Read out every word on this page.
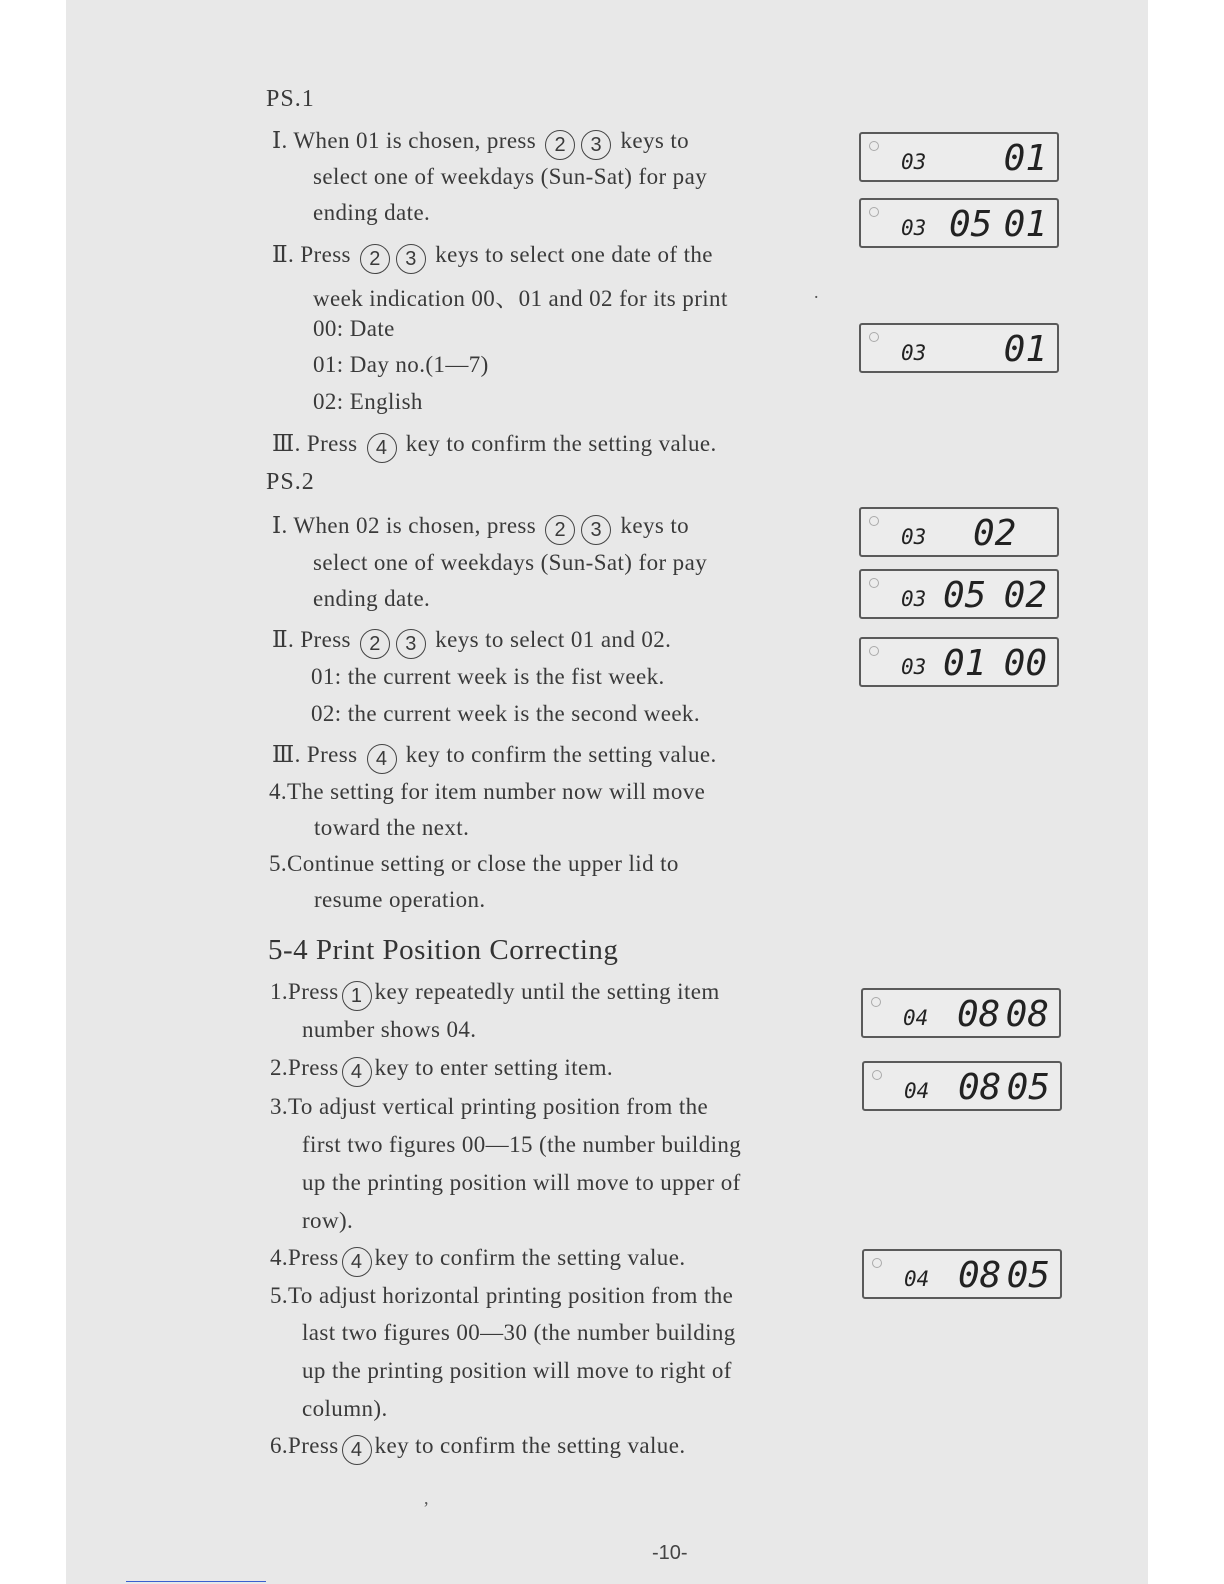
PS.1
Ⅰ. When 01 is chosen, press 2 3 keys to
select one of weekdays (Sun-Sat) for pay
ending date.
Ⅱ. Press 2 3 keys to select one date of the
week indication 00、01 and 02 for its print
00: Date
01: Day no.(1—7)
02: English
Ⅲ. Press 4 key to confirm the setting value.
PS.2
Ⅰ. When 02 is chosen, press 2 3 keys to
select one of weekdays (Sun-Sat) for pay
ending date.
Ⅱ. Press 2 3 keys to select 01 and 02.
01: the current week is the fist week.
02: the current week is the second week.
Ⅲ. Press 4 key to confirm the setting value.
4.The setting for item number now will move
toward the next.
5.Continue setting or close the upper lid to
resume operation.
5-4 Print Position Correcting
1.Press 1 key repeatedly until the setting item
number shows 04.
2.Press 4 key to enter setting item.
3.To adjust vertical printing position from the
first two figures 00—15 (the number building
up the printing position will move to upper of
row).
4.Press 4 key to confirm the setting value.
5.To adjust horizontal printing position from the
last two figures 00—30 (the number building
up the printing position will move to right of
column).
6.Press 4 key to confirm the setting value.
03 01
03 05 01
03 01
03 02
03 05 02
03 01 00
04 08 08
04 08 05
04 08 05
.
,
-10-
